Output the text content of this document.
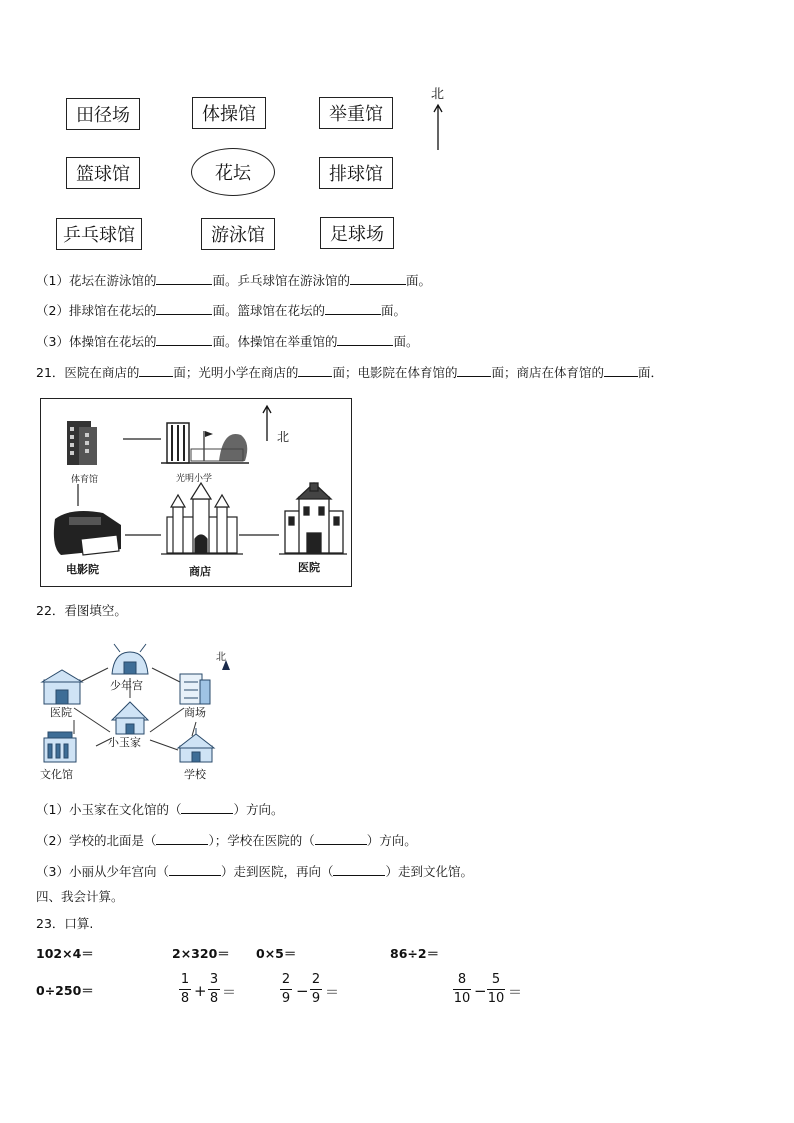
田径场	体操馆	举重馆
篮球馆	花坛	排球馆
乒乓球馆	游泳馆	足球场
北
（1）花坛在游泳馆的	面。乒乓球馆在游泳馆的	面。
（2）排球馆在花坛的	面。篮球馆在花坛的	面。
（3）体操馆在花坛的	面。体操馆在举重馆的	面。
21．医院在商店的	面；光明小学在商店的	面；电影院在体育馆的	面；商店在体育馆的	面．
体育馆	光明小学
电影院	商店	医院
北
22．看图填空。
少年宫
医院	商场
小玉家
文化馆	学校
北
（1）小玉家在文化馆的（	）方向。
（2）学校的北面是（	）；学校在医院的（	）方向。
（3）小丽从少年宫向（	）走到医院，再向（	）走到文化馆。
四、我会计算。
23．口算.
102×4＝	2×320＝ 0×5＝	86÷2＝
0÷250＝
1
8 +
3
8 ＝
2
9 −
2
9 ＝
8
10 −
5
10 ＝
